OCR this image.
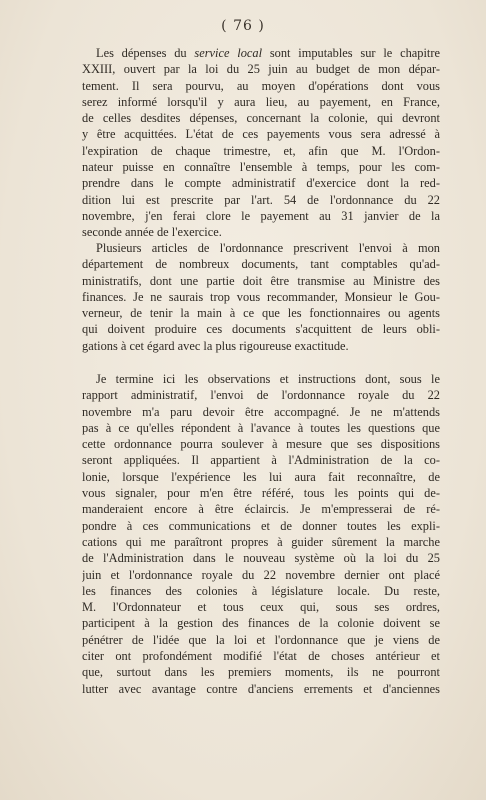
( 76 )
Les dépenses du service local sont imputables sur le chapitre
XXIII, ouvert par la loi du 25 juin au budget de mon dépar-
tement. Il sera pourvu, au moyen d'opérations dont vous
serez informé lorsqu'il y aura lieu, au payement, en France,
de celles desdites dépenses, concernant la colonie, qui devront
y être acquittées. L'état de ces payements vous sera adressé à
l'expiration de chaque trimestre, et, afin que M. l'Ordon-
nateur puisse en connaître l'ensemble à temps, pour les com-
prendre dans le compte administratif d'exercice dont la red-
dition lui est prescrite par l'art. 54 de l'ordonnance du 22
novembre, j'en ferai clore le payement au 31 janvier de la
seconde année de l'exercice.
Plusieurs articles de l'ordonnance prescrivent l'envoi à mon
département de nombreux documents, tant comptables qu'ad-
ministratifs, dont une partie doit être transmise au Ministre des
finances. Je ne saurais trop vous recommander, Monsieur le Gou-
verneur, de tenir la main à ce que les fonctionnaires ou agents
qui doivent produire ces documents s'acquittent de leurs obli-
gations à cet égard avec la plus rigoureuse exactitude.
Je termine ici les observations et instructions dont, sous le
rapport administratif, l'envoi de l'ordonnance royale du 22
novembre m'a paru devoir être accompagné. Je ne m'attends
pas à ce qu'elles répondent à l'avance à toutes les questions que
cette ordonnance pourra soulever à mesure que ses dispositions
seront appliquées. Il appartient à l'Administration de la co-
lonie, lorsque l'expérience les lui aura fait reconnaître, de
vous signaler, pour m'en être référé, tous les points qui de-
manderaient encore à être éclaircis. Je m'empresserai de ré-
pondre à ces communications et de donner toutes les expli-
cations qui me paraîtront propres à guider sûrement la marche
de l'Administration dans le nouveau système où la loi du 25
juin et l'ordonnance royale du 22 novembre dernier ont placé
les finances des colonies à législature locale. Du reste,
M. l'Ordonnateur et tous ceux qui, sous ses ordres,
participent à la gestion des finances de la colonie doivent se
pénétrer de l'idée que la loi et l'ordonnance que je viens de
citer ont profondément modifié l'état de choses antérieur et
que, surtout dans les premiers moments, ils ne pourront
lutter avec avantage contre d'anciens errements et d'anciennes
